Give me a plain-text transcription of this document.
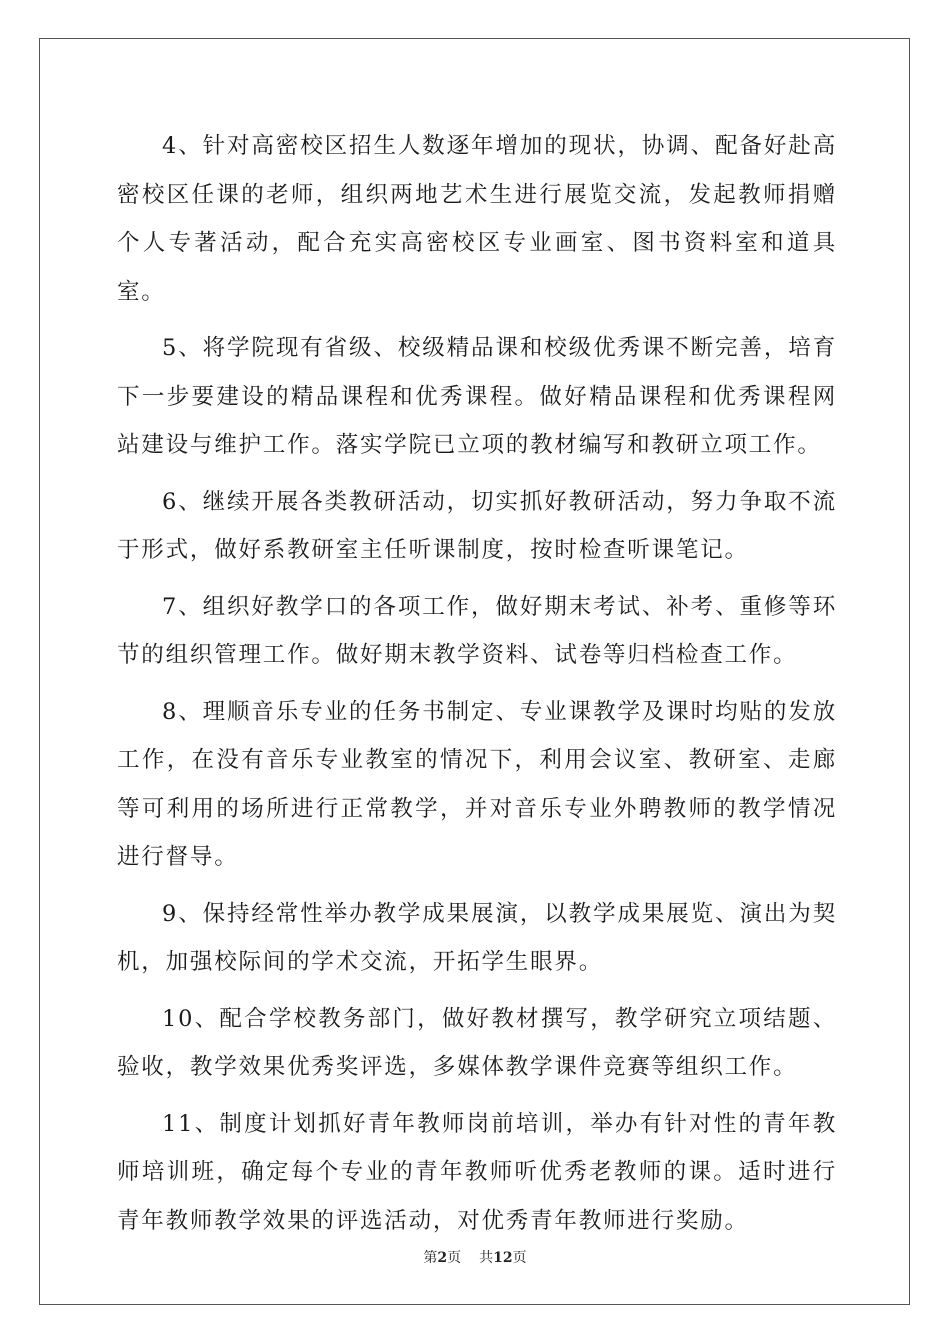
4、针对高密校区招生人数逐年增加的现状，协调、配备好赴高密校区任课的老师，组织两地艺术生进行展览交流，发起教师捐赠个人专著活动，配合充实高密校区专业画室、图书资料室和道具室。

5、将学院现有省级、校级精品课和校级优秀课不断完善，培育下一步要建设的精品课程和优秀课程。做好精品课程和优秀课程网站建设与维护工作。落实学院已立项的教材编写和教研立项工作。

6、继续开展各类教研活动，切实抓好教研活动，努力争取不流于形式，做好系教研室主任听课制度，按时检查听课笔记。

7、组织好教学口的各项工作，做好期末考试、补考、重修等环节的组织管理工作。做好期末教学资料、试卷等归档检查工作。

8、理顺音乐专业的任务书制定、专业课教学及课时均贴的发放工作，在没有音乐专业教室的情况下，利用会议室、教研室、走廊等可利用的场所进行正常教学，并对音乐专业外聘教师的教学情况进行督导。

9、保持经常性举办教学成果展演，以教学成果展览、演出为契机，加强校际间的学术交流，开拓学生眼界。

10、配合学校教务部门，做好教材撰写，教学研究立项结题、验收，教学效果优秀奖评选，多媒体教学课件竞赛等组织工作。

11、制度计划抓好青年教师岗前培训，举办有针对性的青年教师培训班，确定每个专业的青年教师听优秀老教师的课。适时进行青年教师教学效果的评选活动，对优秀青年教师进行奖励。

第2页 共12页
